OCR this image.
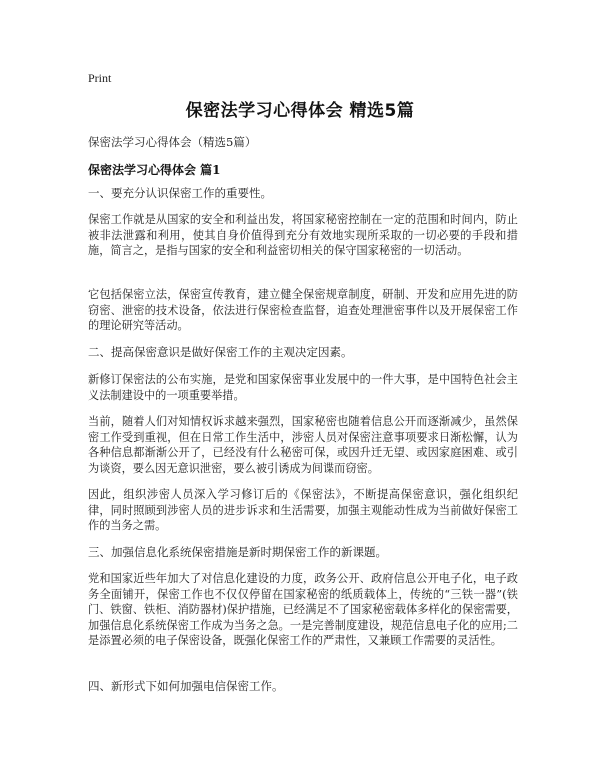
Print
保密法学习心得体会 精选5篇
保密法学习心得体会（精选5篇）
保密法学习心得体会 篇1

一、要充分认识保密工作的重要性。

保密工作就是从国家的安全和利益出发，将国家秘密控制在一定的范围和时间内，防止被非法泄露和利用，使其自身价值得到充分有效地实现所采取的一切必要的手段和措施，简言之，是指与国家的安全和利益密切相关的保守国家秘密的一切活动。

它包括保密立法，保密宣传教育，建立健全保密规章制度，研制、开发和应用先进的防窃密、泄密的技术设备，依法进行保密检查监督，追查处理泄密事件以及开展保密工作的理论研究等活动。

二、提高保密意识是做好保密工作的主观决定因素。

新修订保密法的公布实施，是党和国家保密事业发展中的一件大事，是中国特色社会主义法制建设中的一项重要举措。

当前，随着人们对知情权诉求越来强烈，国家秘密也随着信息公开而逐渐减少，虽然保密工作受到重视，但在日常工作生活中，涉密人员对保密注意事项要求日渐松懈，认为各种信息都渐渐公开了，已经没有什么秘密可保，或因升迁无望、或因家庭困难、或引为谈资，要么因无意识泄密，要么被引诱成为间谍而窃密。

因此，组织涉密人员深入学习修订后的《保密法》，不断提高保密意识，强化组织纪律，同时照顾到涉密人员的进步诉求和生活需要，加强主观能动性成为当前做好保密工作的当务之需。

三、加强信息化系统保密措施是新时期保密工作的新课题。

党和国家近些年加大了对信息化建设的力度，政务公开、政府信息公开电子化，电子政务全面铺开，保密工作也不仅仅停留在国家秘密的纸质载体上，传统的“三铁一器”(铁门、铁窗、铁柜、消防器材)保护措施，已经满足不了国家秘密载体多样化的保密需要，加强信息化系统保密工作成为当务之急。一是完善制度建设，规范信息电子化的应用;二是添置必须的电子保密设备，既强化保密工作的严肃性，又兼顾工作需要的灵活性。

四、新形式下如何加强电信保密工作。
